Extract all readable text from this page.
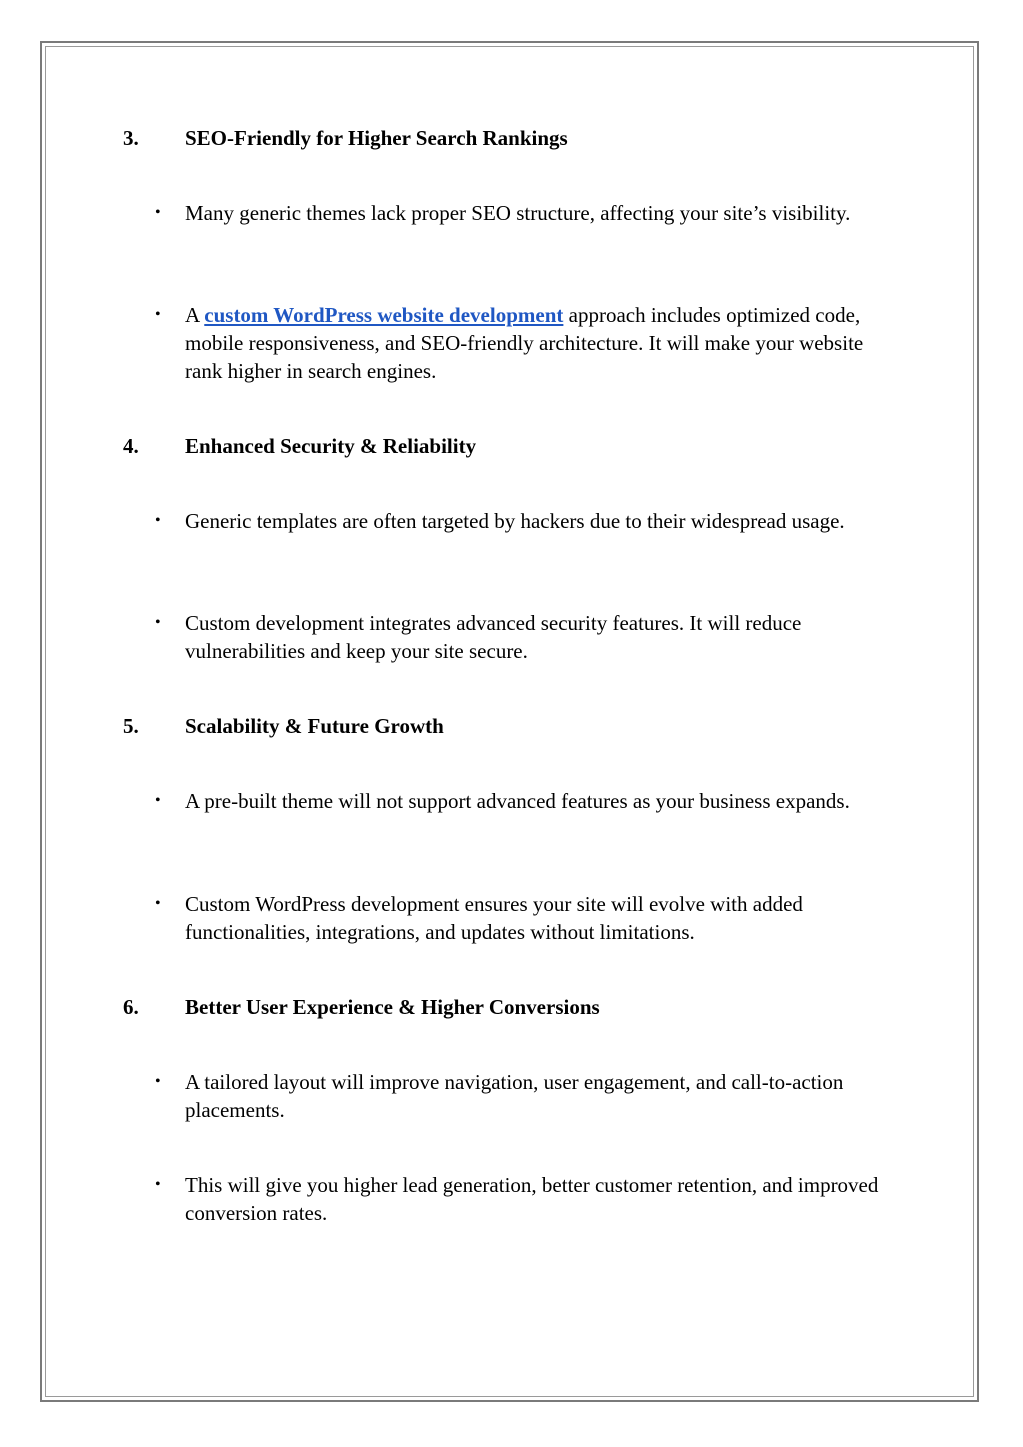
3. SEO-Friendly for Higher Search Rankings
• Many generic themes lack proper SEO structure, affecting your site’s visibility.
• A custom WordPress website development approach includes optimized code, mobile responsiveness, and SEO-friendly architecture. It will make your website rank higher in search engines.
4. Enhanced Security & Reliability
• Generic templates are often targeted by hackers due to their widespread usage.
• Custom development integrates advanced security features. It will reduce vulnerabilities and keep your site secure.
5. Scalability & Future Growth
• A pre-built theme will not support advanced features as your business expands.
• Custom WordPress development ensures your site will evolve with added functionalities, integrations, and updates without limitations.
6. Better User Experience & Higher Conversions
• A tailored layout will improve navigation, user engagement, and call-to-action placements.
• This will give you higher lead generation, better customer retention, and improved conversion rates.
